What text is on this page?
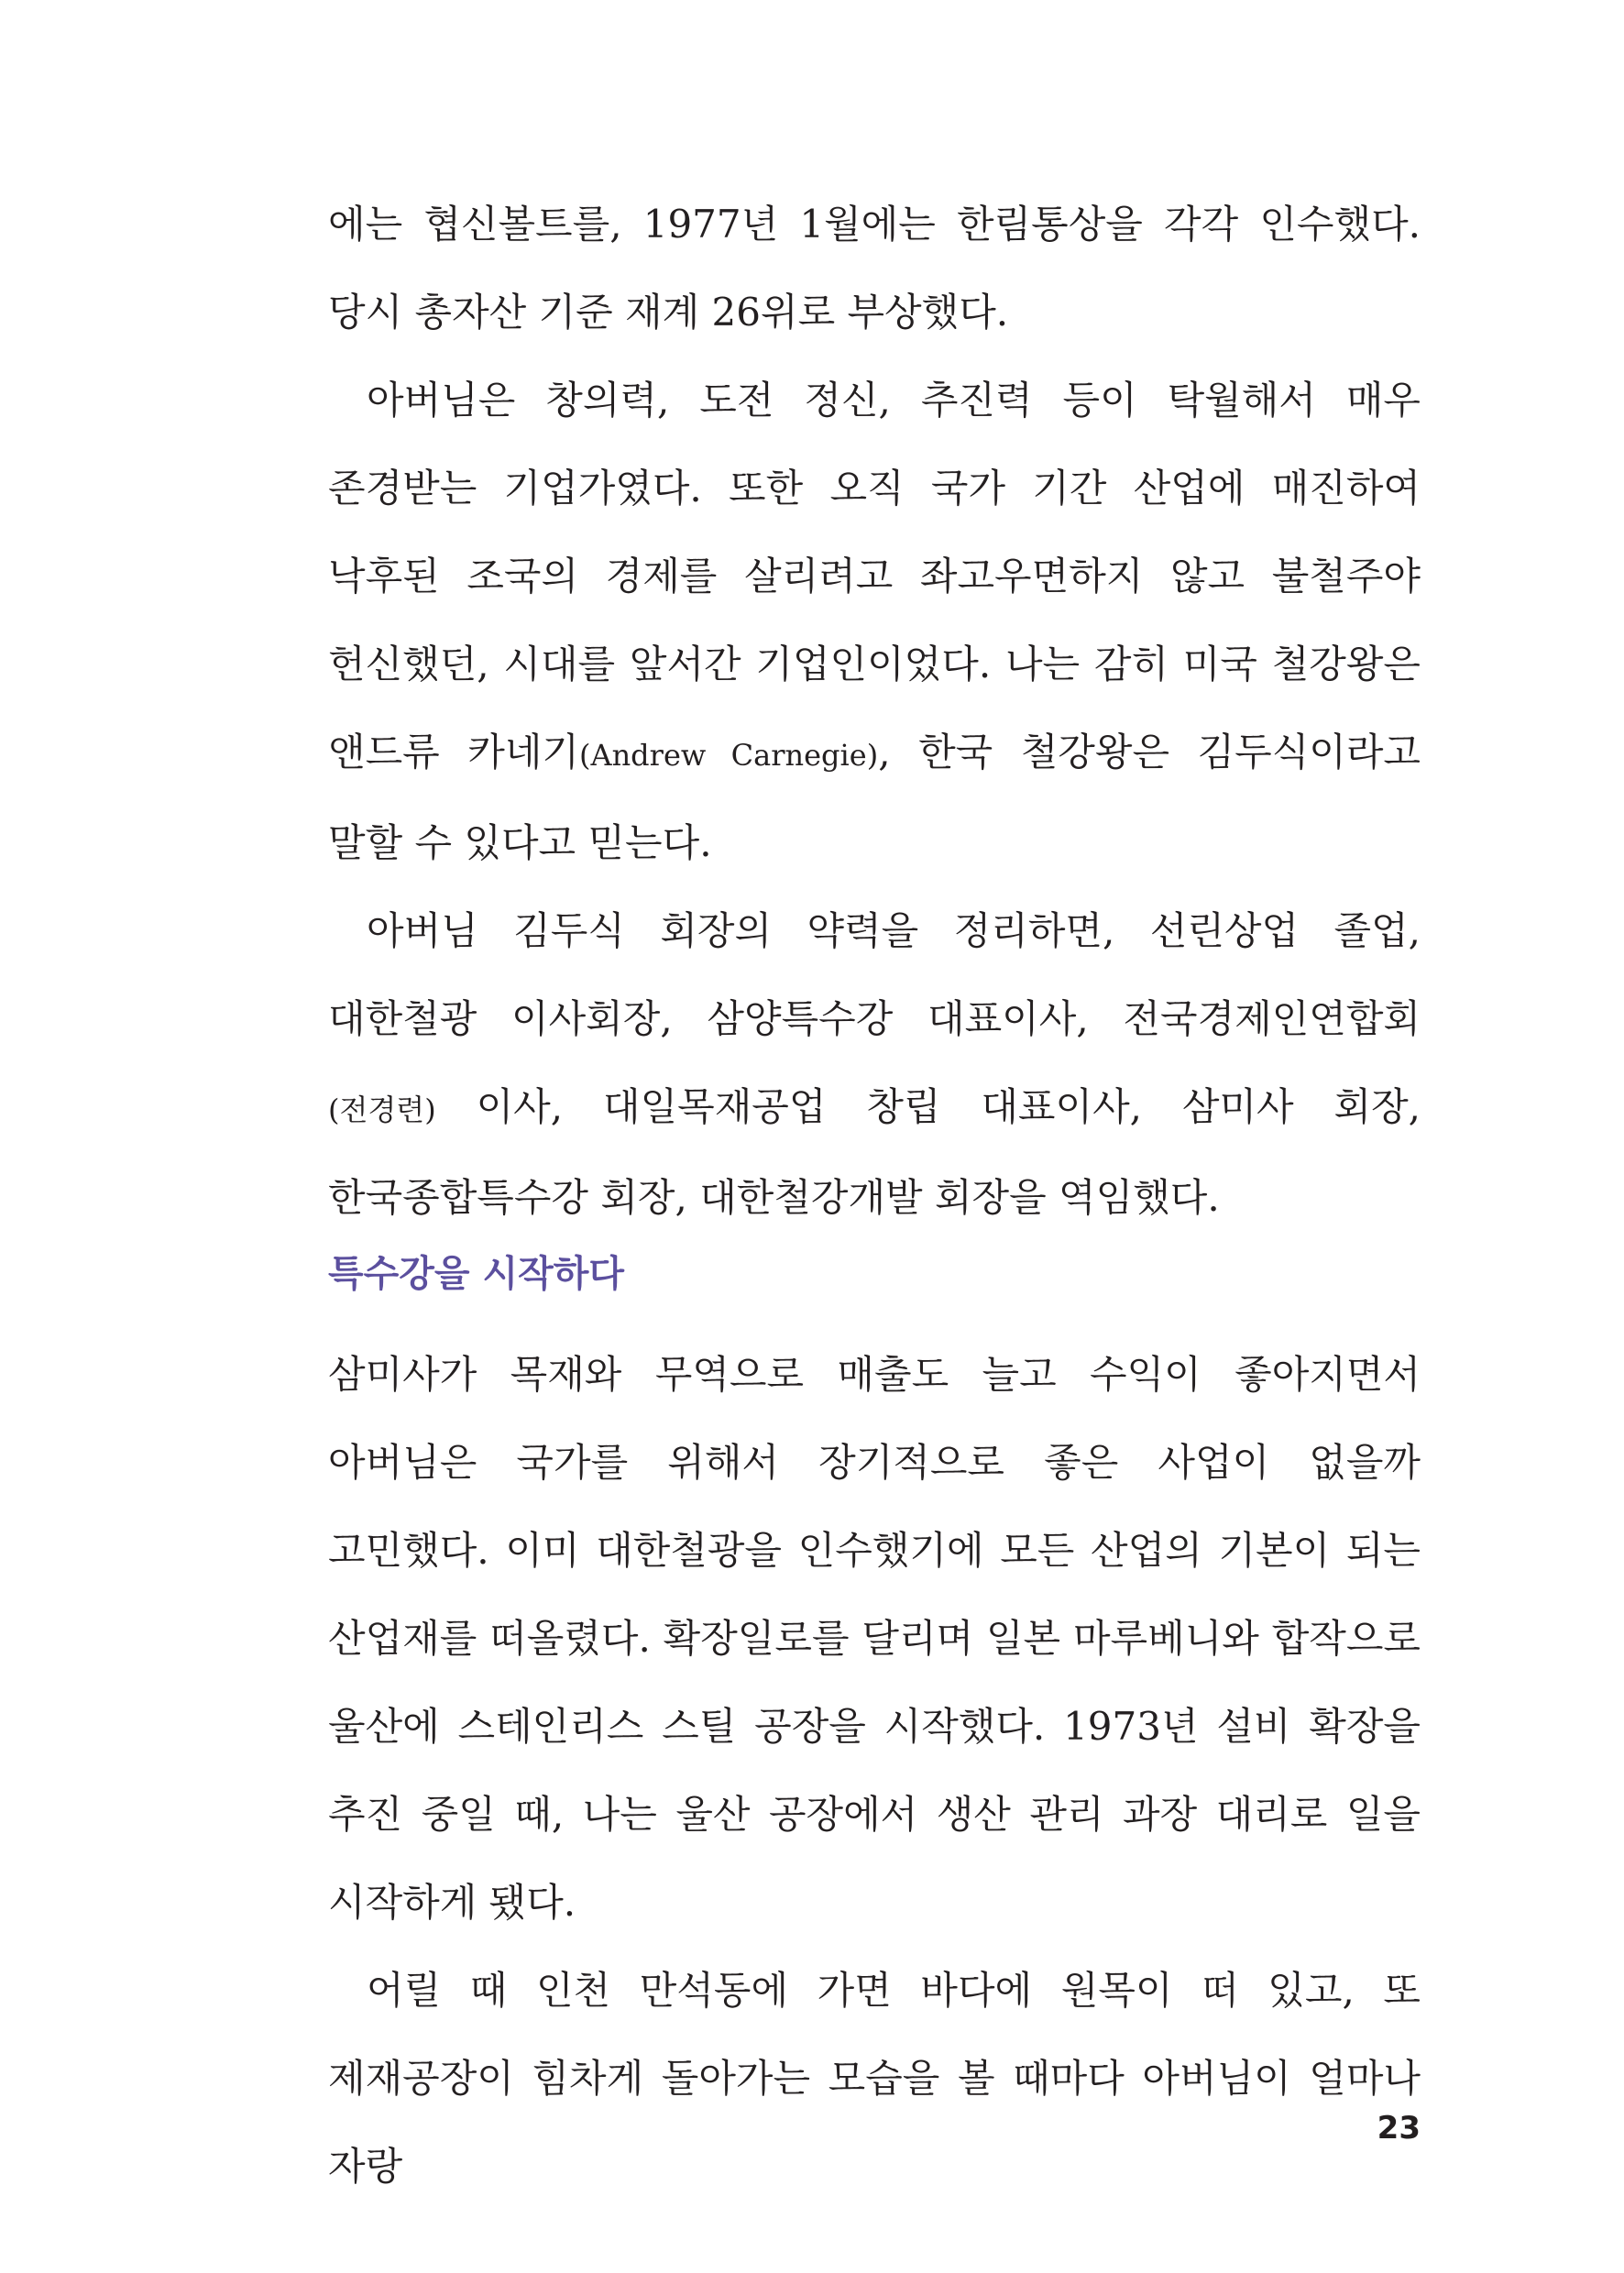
에는 협신볼트를, 1977년 1월에는 한림통상을 각각 인수했다. 당시 총자산 기준 재계 26위로 부상했다.

아버님은 창의력, 도전 정신, 추진력 등이 탁월해서 매우 존경받는 기업가였다. 또한 오직 국가 기간 산업에 매진하여 낙후된 조국의 경제를 살리려고 좌고우면하지 않고 불철주야 헌신했던, 시대를 앞서간 기업인이었다. 나는 감히 미국 철강왕은 앤드류 카네기(Andrew Carnegie), 한국 철강왕은 김두식이라고 말할 수 있다고 믿는다.

아버님 김두식 회장의 약력을 정리하면, 선린상업 졸업, 대한철광 이사회장, 삼양특수강 대표이사, 전국경제인연합회(전경련) 이사, 대일목재공업 창립 대표이사, 삼미사 회장, 한국종합특수강 회장, 대한철강개발 회장을 역임했다.

특수강을 시작하다

삼미사가 목재와 무역으로 매출도 늘고 수익이 좋아지면서 아버님은 국가를 위해서 장기적으로 좋은 사업이 없을까 고민했다. 이미 대한철광을 인수했기에 모든 산업의 기본이 되는 산업재를 떠올렸다. 확장일로를 달리며 일본 마루베니와 합작으로 울산에 스테인리스 스틸 공장을 시작했다. 1973년 설비 확장을 추진 중일 때, 나는 울산 공장에서 생산 관리 과장 대리로 일을 시작하게 됐다.

어릴 때 인천 만석동에 가면 바다에 원목이 떠 있고, 또 제재공장이 힘차게 돌아가는 모습을 볼 때마다 아버님이 얼마나 자랑

23
